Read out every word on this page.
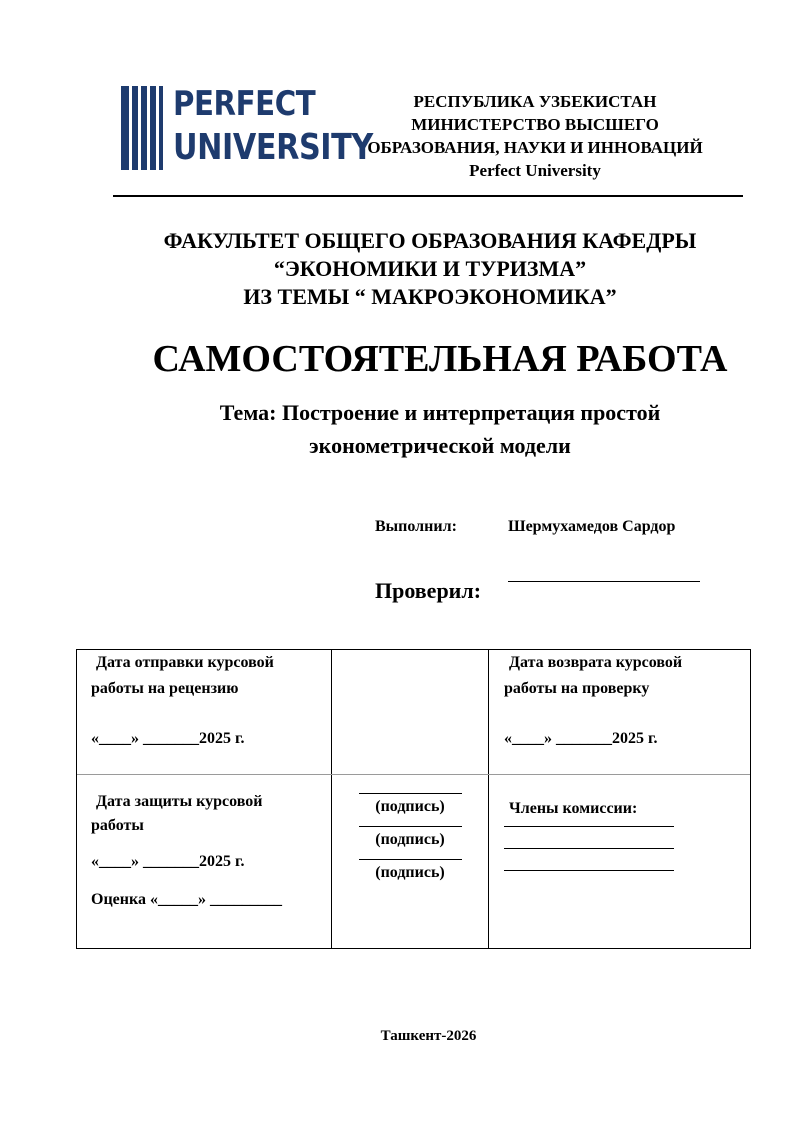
PERFECT
UNIVERSITY
РЕСПУБЛИКА УЗБЕКИСТАН
МИНИСТЕРСТВО ВЫСШЕГО
ОБРАЗОВАНИЯ, НАУКИ И ИННОВАЦИЙ
Perfect University
ФАКУЛЬТЕТ ОБЩЕГО ОБРАЗОВАНИЯ КАФЕДРЫ
“ЭКОНОМИКИ И ТУРИЗМА”
ИЗ ТЕМЫ “ МАКРОЭКОНОМИКА”
САМОСТОЯТЕЛЬНАЯ РАБОТА
Тема: Построение и интерпретация простой
эконометрической модели
Выполнил:	Шермухамедов Сардор
Проверил:
Дата отправки курсовой
работы на рецензию
«____» _______2025 г.
Дата возврата курсовой
работы на проверку
«____» _______2025 г.
Дата защиты курсовой
работы
«____» _______2025 г.
Оценка «_____» _________
(подпись)
(подпись)
(подпись)
Члены комиссии:
Ташкент-2026
